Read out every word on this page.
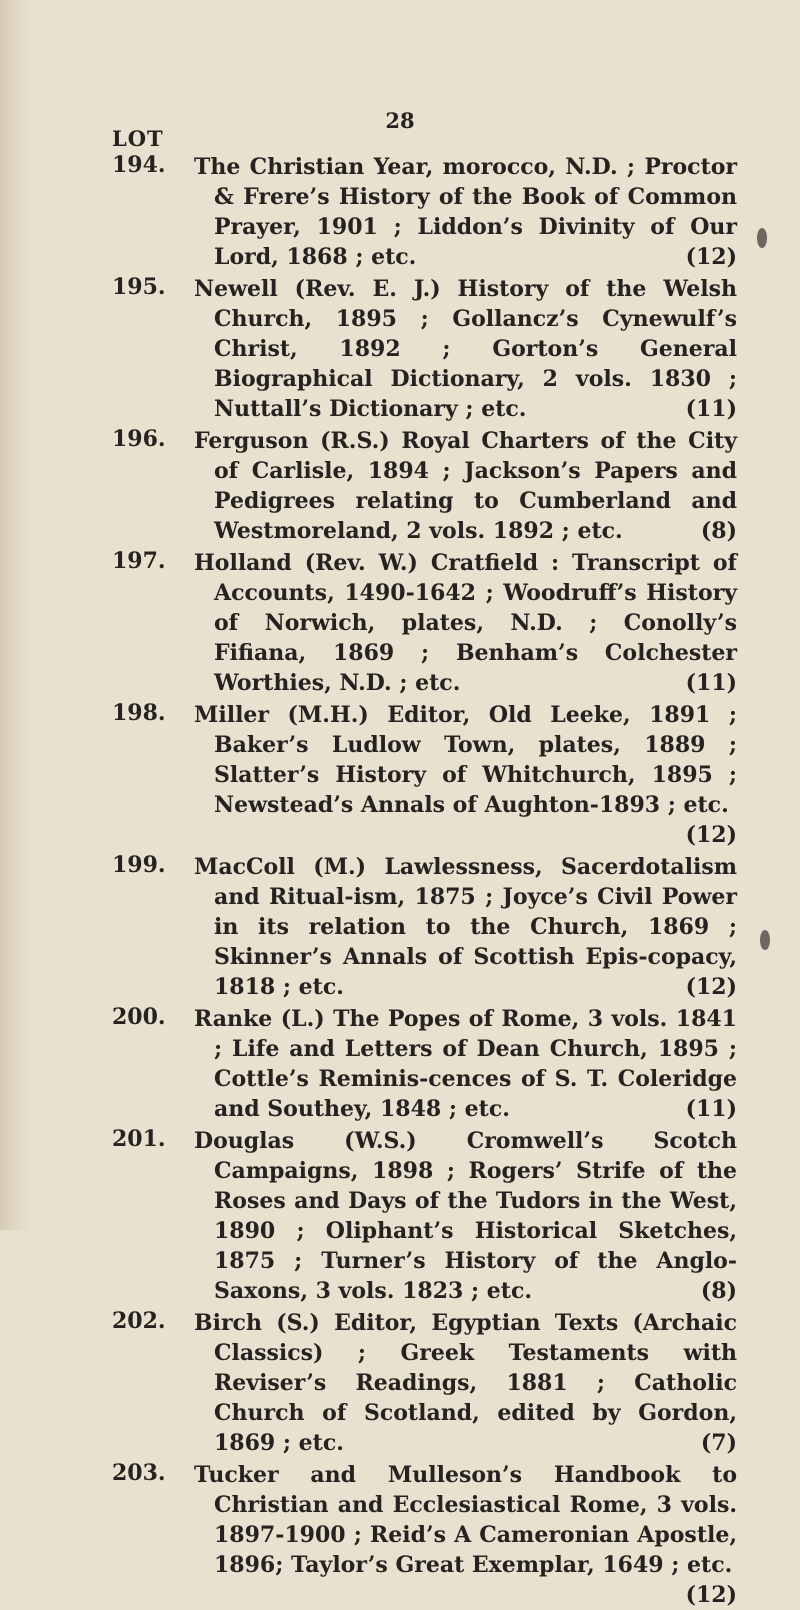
28
LOT
194. The Christian Year, morocco, N.D. ; Proctor & Frere’s History of the Book of Common Prayer, 1901 ; Liddon’s Divinity of Our Lord, 1868 ; etc.	(12)
195. Newell (Rev. E. J.) History of the Welsh Church, 1895 ; Gollancz’s Cynewulf’s Christ, 1892 ; Gorton’s General Biographical Dictionary, 2 vols. 1830 ; Nuttall’s Dictionary ; etc.	(11)
196. Ferguson (R.S.) Royal Charters of the City of Carlisle, 1894 ; Jackson’s Papers and Pedigrees relating to Cumberland and Westmoreland, 2 vols. 1892 ; etc.	(8)
197. Holland (Rev. W.) Cratfield : Transcript of Accounts, 1490-1642 ; Woodruff’s History of Norwich, plates, N.D. ; Conolly’s Fifiana, 1869 ; Benham’s Colchester Worthies, N.D. ; etc.	(11)
198. Miller (M.H.) Editor, Old Leeke, 1891 ; Baker’s Ludlow Town, plates, 1889 ; Slatter’s History of Whitchurch, 1895 ; Newstead’s Annals of Aughton-1893 ; etc.
(12)
199. MacColl (M.) Lawlessness, Sacerdotalism and Ritual-ism, 1875 ; Joyce’s Civil Power in its relation to the Church, 1869 ; Skinner’s Annals of Scottish Epis-copacy, 1818 ; etc.	(12)
200. Ranke (L.) The Popes of Rome, 3 vols. 1841 ; Life and Letters of Dean Church, 1895 ; Cottle’s Reminis-cences of S. T. Coleridge and Southey, 1848 ; etc.	(11)
201. Douglas (W.S.) Cromwell’s Scotch Campaigns, 1898 ; Rogers’ Strife of the Roses and Days of the Tudors in the West, 1890 ; Oliphant’s Historical Sketches, 1875 ; Turner’s History of the Anglo-Saxons, 3 vols. 1823 ; etc.	(8)
202. Birch (S.) Editor, Egyptian Texts (Archaic Classics) ; Greek Testaments with Reviser’s Readings, 1881 ; Catholic Church of Scotland, edited by Gordon, 1869 ; etc.	(7)
203. Tucker and Mulleson’s Handbook to Christian and Ecclesiastical Rome, 3 vols. 1897-1900 ; Reid’s A Cameronian Apostle, 1896; Taylor’s Great Exemplar, 1649 ; etc.
(12)
